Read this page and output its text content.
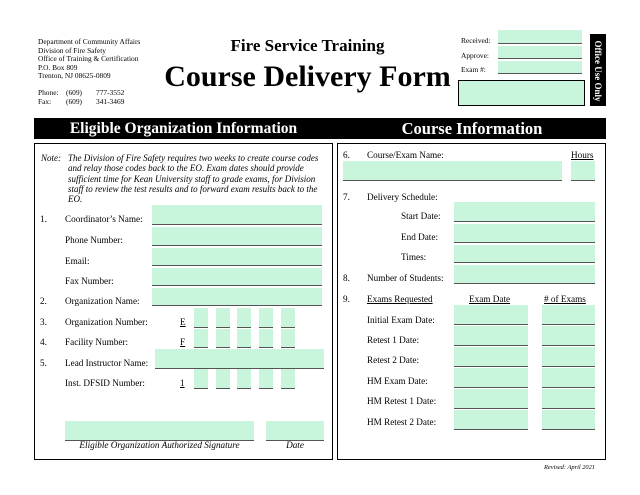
Department of Community Affairs
Division of Fire Safety
Office of Training & Certification
P.O. Box 809
Trenton, NJ 08625-0809
Phone: (609) 777-3552
Fax: (609) 341-3469
Fire Service Training
Course Delivery Form
Received:
Approve:
Exam #:	Office Use Only
Eligible Organization Information	Course Information
Note: The Division of Fire Safety requires two weeks to create course codes and relay those codes back to the EO. Exam dates should provide sufficient time for Kean University staff to grade exams, for Division staff to review the test results and to forward exam results back to the EO.
1. Coordinator’s Name:
Phone Number:
Email:
Fax Number:
2. Organization Name:
3. Organization Number:	E
4. Facility Number:	F
5. Lead Instructor Name:
Inst. DFSID Number:	1
Eligible Organization Authorized Signature	Date
6. Course/Exam Name:	Hours
7. Delivery Schedule:
Start Date:
End Date:
Times:
8. Number of Students:
9. Exams Requested	Exam Date	# of Exams
Initial Exam Date:
Retest 1 Date:
Retest 2 Date:
HM Exam Date:
HM Retest 1 Date:
HM Retest 2 Date:
Revised: April 2021
